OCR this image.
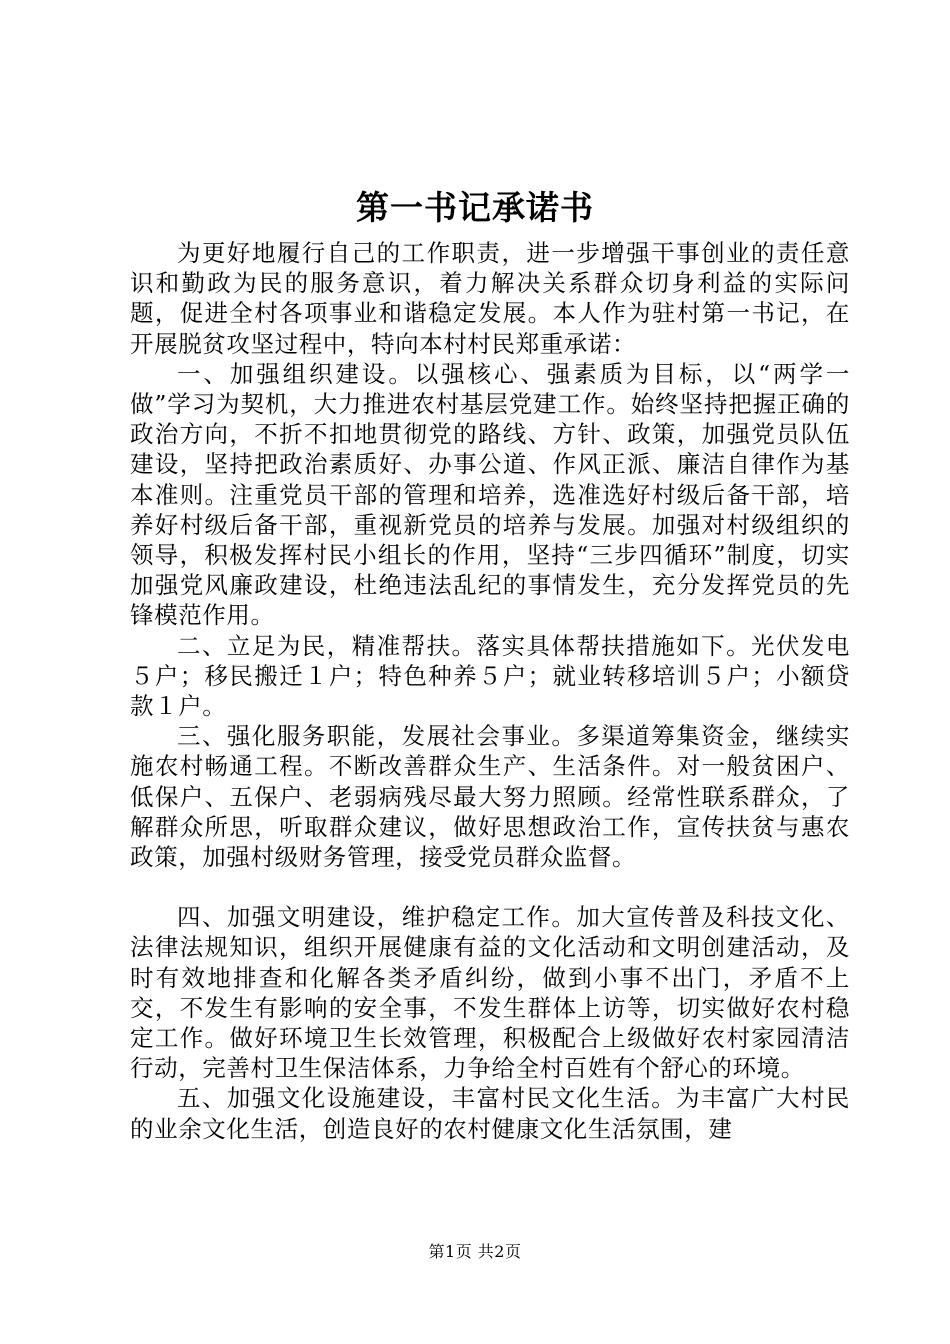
第一书记承诺书

为更好地履行自己的工作职责，进一步增强干事创业的责任意识和勤政为民的服务意识，着力解决关系群众切身利益的实际问题，促进全村各项事业和谐稳定发展。本人作为驻村第一书记，在开展脱贫攻坚过程中，特向本村村民郑重承诺：

一、加强组织建设。以强核心、强素质为目标，以“两学一做”学习为契机，大力推进农村基层党建工作。始终坚持把握正确的政治方向，不折不扣地贯彻党的路线、方针、政策，加强党员队伍建设，坚持把政治素质好、办事公道、作风正派、廉洁自律作为基本准则。注重党员干部的管理和培养，选准选好村级后备干部，培养好村级后备干部，重视新党员的培养与发展。加强对村级组织的领导，积极发挥村民小组长的作用，坚持“三步四循环”制度，切实加强党风廉政建设，杜绝违法乱纪的事情发生，充分发挥党员的先锋模范作用。

二、立足为民，精准帮扶。落实具体帮扶措施如下。光伏发电５户；移民搬迁１户；特色种养５户；就业转移培训５户；小额贷款１户。

三、强化服务职能，发展社会事业。多渠道筹集资金，继续实施农村畅通工程。不断改善群众生产、生活条件。对一般贫困户、低保户、五保户、老弱病残尽最大努力照顾。经常性联系群众，了解群众所思，听取群众建议，做好思想政治工作，宣传扶贫与惠农政策，加强村级财务管理，接受党员群众监督。

四、加强文明建设，维护稳定工作。加大宣传普及科技文化、法律法规知识，组织开展健康有益的文化活动和文明创建活动，及时有效地排查和化解各类矛盾纠纷，做到小事不出门，矛盾不上交，不发生有影响的安全事，不发生群体上访等，切实做好农村稳定工作。做好环境卫生长效管理，积极配合上级做好农村家园清洁行动，完善村卫生保洁体系，力争给全村百姓有个舒心的环境。

五、加强文化设施建设，丰富村民文化生活。为丰富广大村民的业余文化生活，创造良好的农村健康文化生活氛围，建

第1页 共2页
